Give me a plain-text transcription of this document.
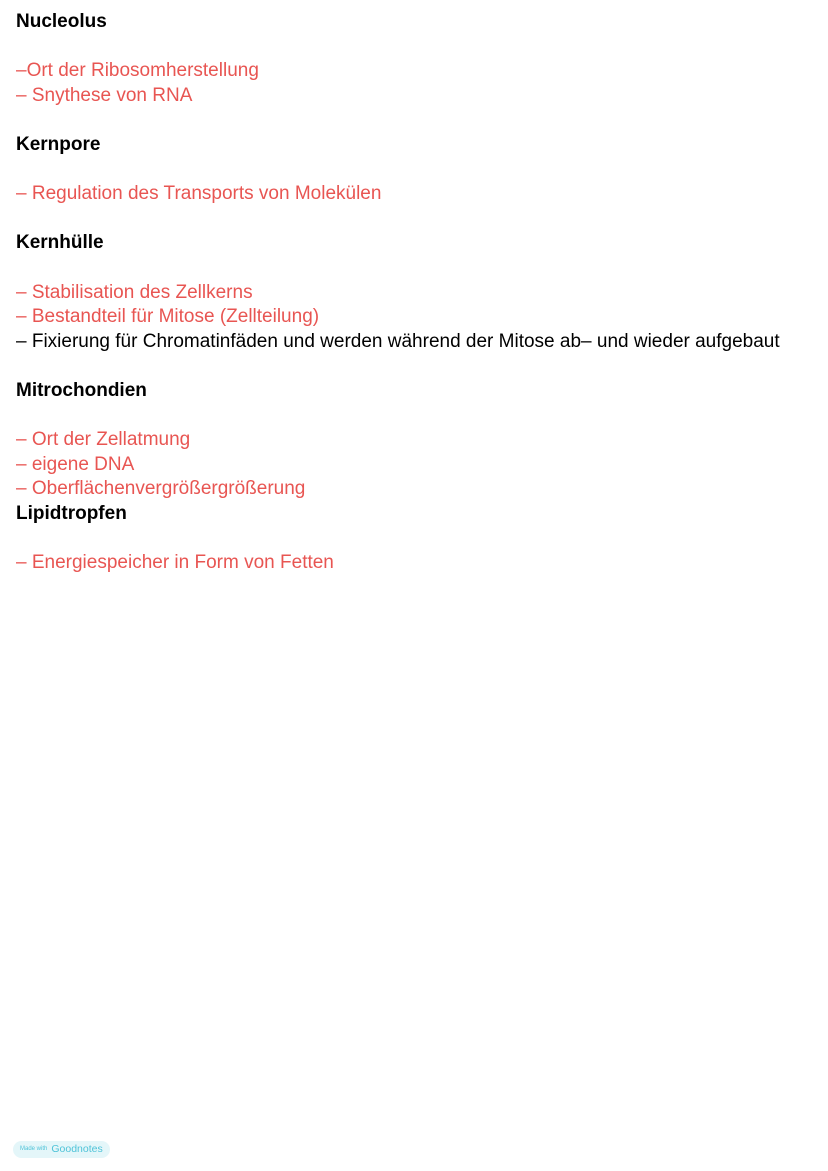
Nucleolus
–Ort der Ribosomherstellung
– Snythese von RNA
Kernpore
– Regulation des Transports von Molekülen
Kernhülle
– Stabilisation des Zellkerns
– Bestandteil für Mitose (Zellteilung)
– Fixierung für Chromatinfäden und werden während der Mitose ab– und wieder aufgebaut
Mitrochondien
– Ort der Zellatmung
– eigene DNA
– Oberflächenvergrößergrößerung
Lipidtropfen
– Energiespeicher in Form von Fetten
Made with Goodnotes
